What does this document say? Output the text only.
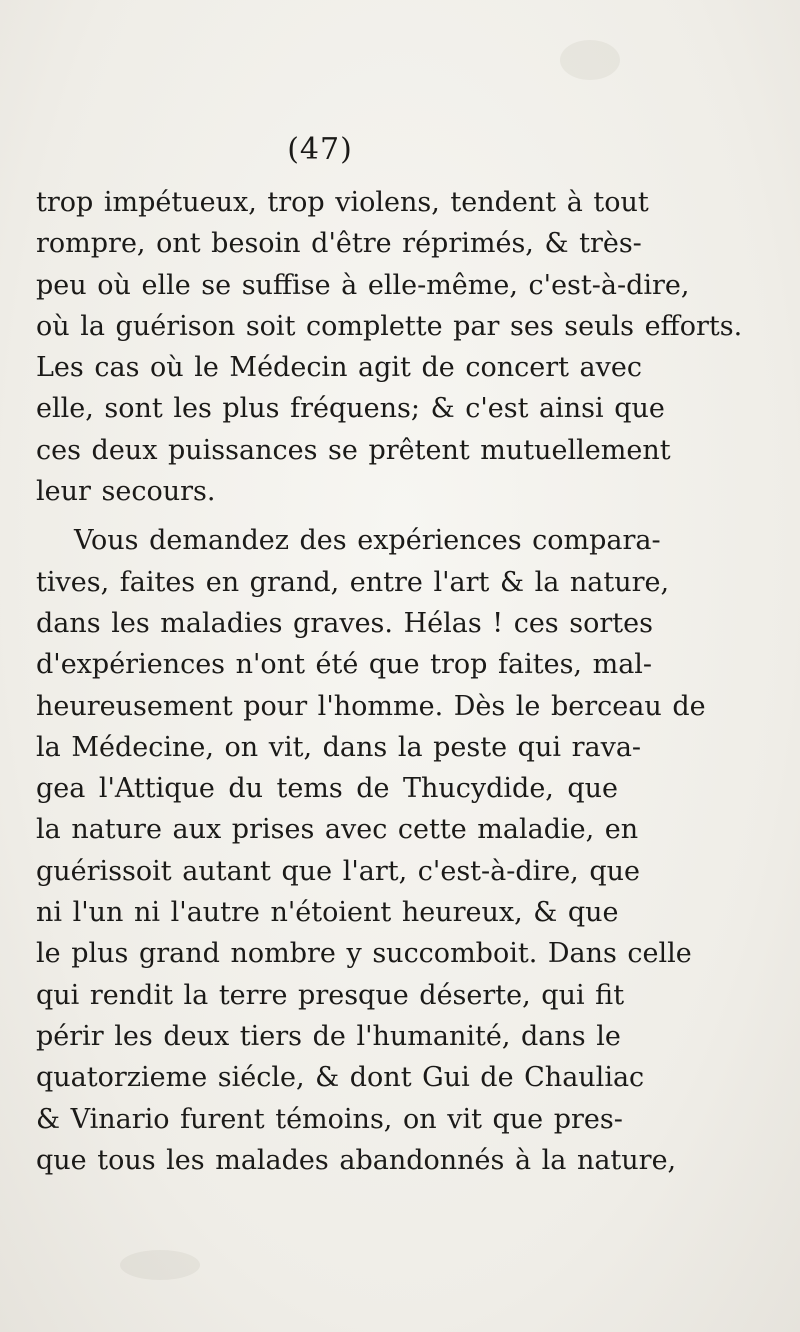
(47)
trop impétueux, trop violens, tendent à tout
rompre, ont besoin d'être réprimés, & très-
peu où elle se suffise à elle-même, c'est-à-dire,
où la guérison soit complette par ses seuls efforts.
Les cas où le Médecin agit de concert avec
elle, sont les plus fréquens; & c'est ainsi que
ces deux puissances se prêtent mutuellement
leur secours.
Vous demandez des expériences compara-
tives, faites en grand, entre l'art & la nature,
dans les maladies graves. Hélas ! ces sortes
d'expériences n'ont été que trop faites, mal-
heureusement pour l'homme. Dès le berceau de
la Médecine, on vit, dans la peste qui rava-
gea l'Attique du tems de Thucydide, que
la nature aux prises avec cette maladie, en
guérissoit autant que l'art, c'est-à-dire, que
ni l'un ni l'autre n'étoient heureux, & que
le plus grand nombre y succomboit. Dans celle
qui rendit la terre presque déserte, qui fit
périr les deux tiers de l'humanité, dans le
quatorzieme siécle, & dont Gui de Chauliac
& Vinario furent témoins, on vit que pres-
que tous les malades abandonnés à la nature,
